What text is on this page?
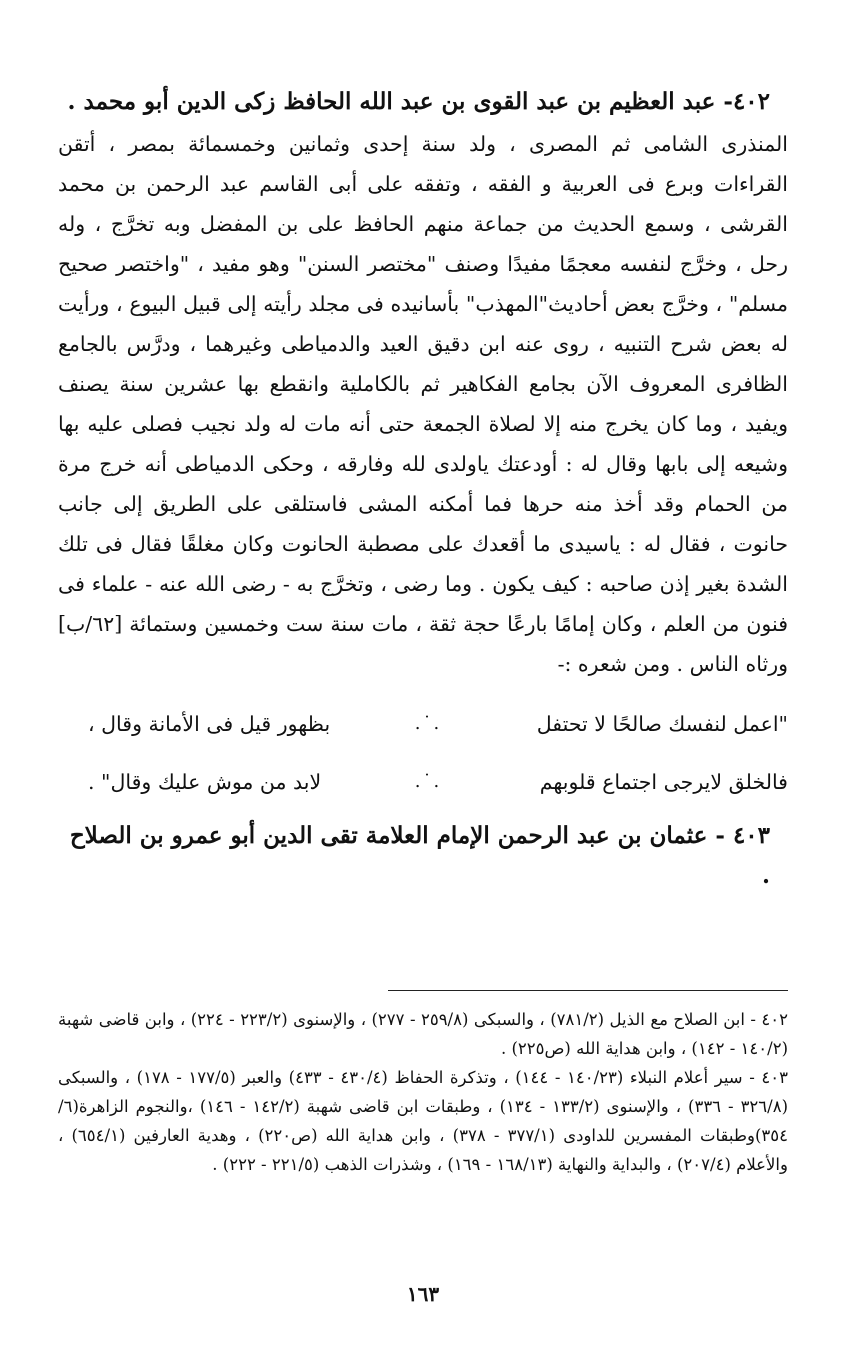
٤٠٢- عبد العظيم بن عبد القوى بن عبد الله الحافظ زكى الدين أبو محمد .

المنذرى الشامى ثم المصرى ، ولد سنة إحدى وثمانين وخمسمائة بمصر ، أتقن القراءات وبرع فى العربية و الفقه ، وتفقه على أبى القاسم عبد الرحمن بن محمد القرشى ، وسمع الحديث من جماعة منهم الحافظ على بن المفضل وبه تخرَّج ، وله رحل ، وخرَّج لنفسه معجمًا مفيدًا وصنف "مختصر السنن" وهو مفيد ، "واختصر صحيح مسلم" ، وخرَّج بعض أحاديث"المهذب" بأسانيده فى مجلد رأيته إلى قبيل البيوع ، ورأيت له بعض شرح التنبيه ، روى عنه ابن دقيق العيد والدمياطى وغيرهما ، ودرَّس بالجامع الظافرى المعروف الآن بجامع الفكاهير ثم بالكاملية وانقطع بها عشرين سنة يصنف ويفيد ، وما كان يخرج منه إلا لصلاة الجمعة حتى أنه مات له ولد نجيب فصلى عليه بها وشيعه إلى بابها وقال له : أودعتك ياولدى لله وفارقه ، وحكى الدمياطى أنه خرج مرة من الحمام وقد أخذ منه حرها فما أمكنه المشى فاستلقى على الطريق إلى جانب حانوت ، فقال له : ياسيدى ما أقعدك على مصطبة الحانوت وكان مغلقًا فقال فى تلك الشدة بغير إذن صاحبه : كيف يكون . وما رضى ، وتخرَّج به - رضى الله عنه - علماء فى فنون من العلم ، وكان إمامًا بارعًا حجة ثقة ، مات سنة ست وخمسين وستمائة [٦٢/ب] ورثاه الناس . ومن شعره :-

"اعمل لنفسك صالحًا لا تحتفل
.˙.
بظهور قيل فى الأمانة وقال ،
فالخلق لايرجى اجتماع قلوبهم
.˙.
لابد من موش عليك وقال" .
٤٠٣ - عثمان بن عبد الرحمن الإمام العلامة تقى الدين أبو عمرو بن الصلاح .

٤٠٢ - ابن الصلاح مع الذيل (٧٨١/٢) ، والسبكى (٢٥٩/٨ - ٢٧٧) ، والإسنوى (٢٢٣/٢ - ٢٢٤) ، وابن قاضى شهبة (١٤٠/٢ - ١٤٢) ، وابن هداية الله (ص٢٢٥) .

٤٠٣ - سير أعلام النبلاء (١٤٠/٢٣ - ١٤٤) ، وتذكرة الحفاظ (٤٣٠/٤ - ٤٣٣) والعبر (١٧٧/٥ - ١٧٨) ، والسبكى (٣٢٦/٨ - ٣٣٦) ، والإسنوى (١٣٣/٢ - ١٣٤) ، وطبقات ابن قاضى شهبة (١٤٢/٢ - ١٤٦) ،والنجوم الزاهرة(٦/ ٣٥٤)وطبقات المفسرين للداودى (٣٧٧/١ - ٣٧٨) ، وابن هداية الله (ص٢٢٠) ، وهدية العارفين (٦٥٤/١) ، والأعلام (٢٠٧/٤) ، والبداية والنهاية (١٦٨/١٣ - ١٦٩) ، وشذرات الذهب (٢٢١/٥ - ٢٢٢) .

١٦٣
